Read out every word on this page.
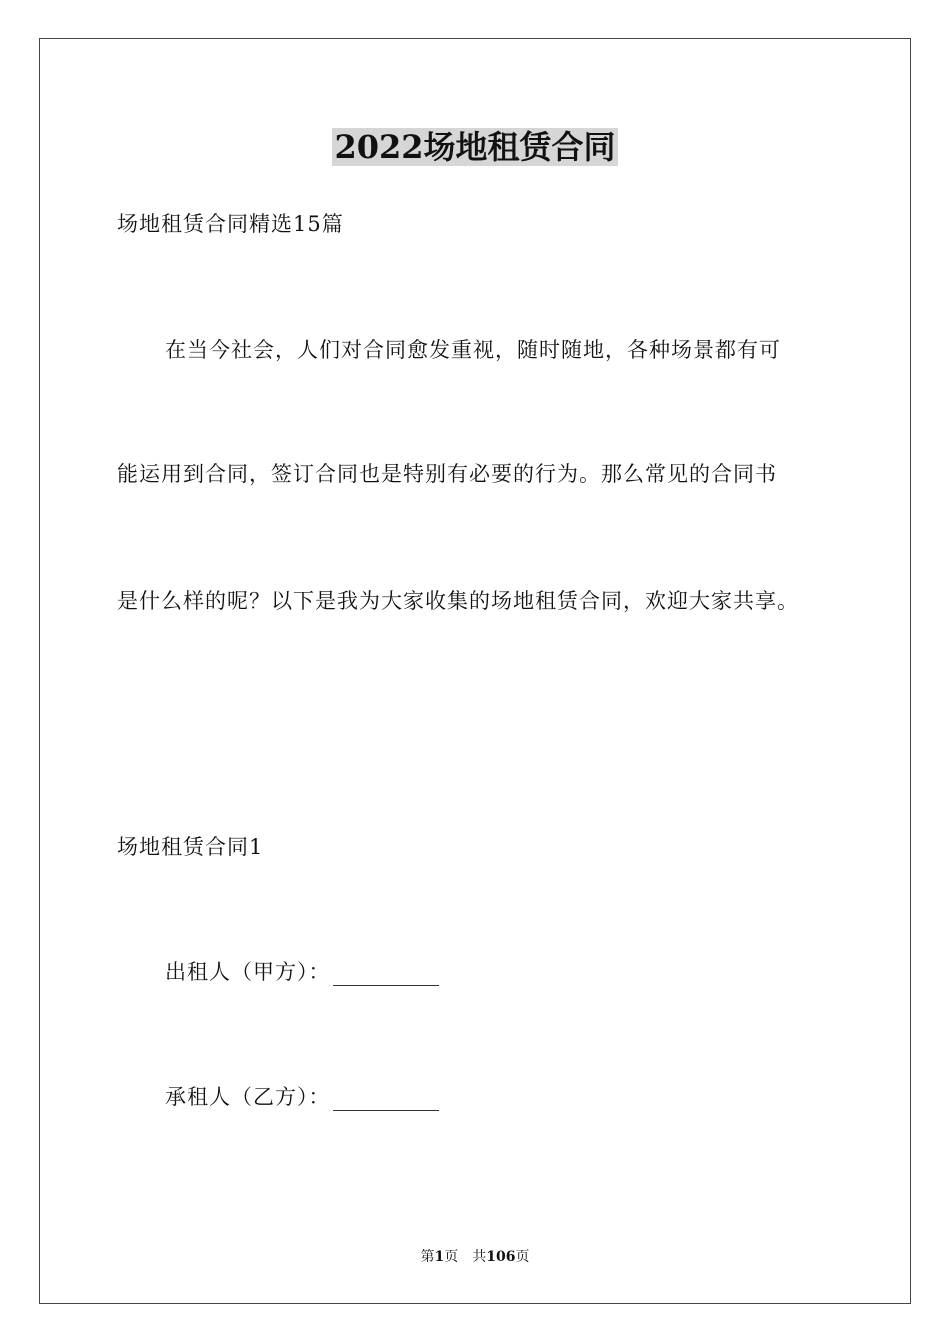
2022场地租赁合同
场地租赁合同精选15篇
在当今社会，人们对合同愈发重视，随时随地，各种场景都有可
能运用到合同，签订合同也是特别有必要的行为。那么常见的合同书
是什么样的呢？以下是我为大家收集的场地租赁合同，欢迎大家共享。
场地租赁合同1
出租人（甲方）：
承租人（乙方）：
第1页 共106页
